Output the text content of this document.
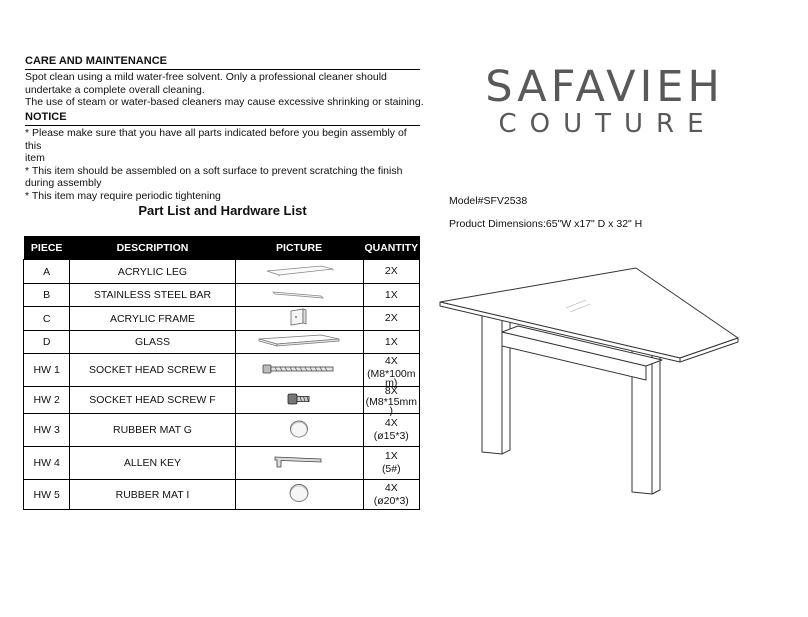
CARE AND MAINTENANCE
Spot clean using a mild water-free solvent. Only a professional cleaner should
undertake a complete overall cleaning.
The use of steam or water-based cleaners may cause excessive shrinking or staining.
NOTICE
* Please make sure that you have all parts indicated before you begin assembly of this
item
* This item should be assembled on a soft surface to prevent scratching the finish
during assembly
* This item may require periodic tightening
Part List and Hardware List
PIECE	DESCRIPTION	PICTURE	QUANTITY
A	ACRYLIC LEG		2X

B	STAINLESS STEEL BAR		1X

C	ACRYLIC FRAME		2X

D	GLASS		1X

HW 1	SOCKET HEAD SCREW E		4X
(M8*100m
m)

HW 2	SOCKET HEAD SCREW F		8X
(M8*15mm
)

HW 3	RUBBER MAT G		4X
(ø15*3)

HW 4	ALLEN KEY		1X
(5#)

HW 5	RUBBER MAT I		4X
(ø20*3)
SAFAVIEH
COUTURE
Model#SFV2538
Product Dimensions:65"W x17" D x 32" H
